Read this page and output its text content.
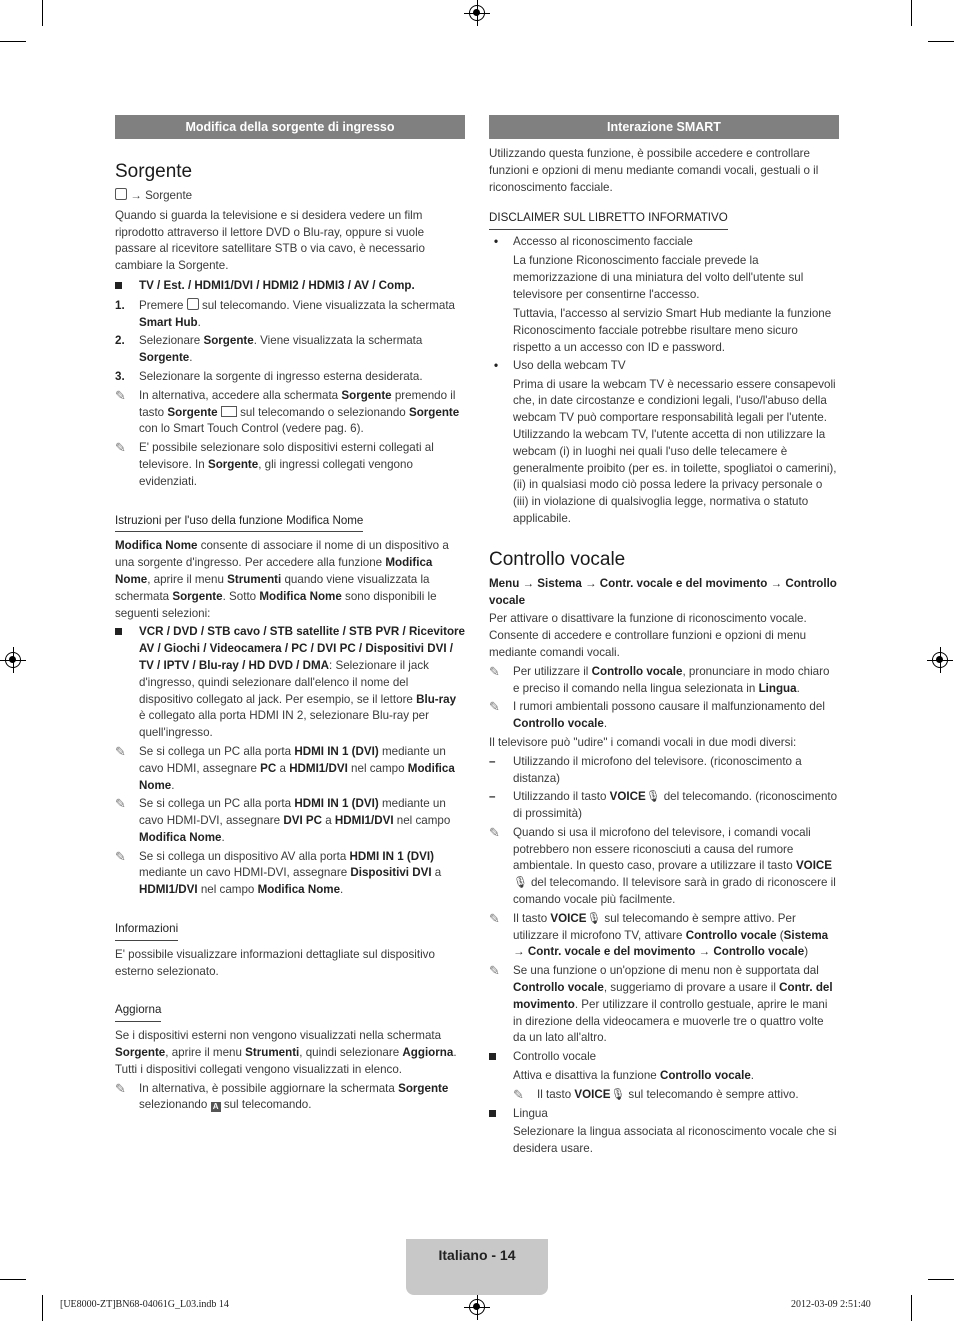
Modifica della sorgente di ingresso
Sorgente

→ Sorgente

Quando si guarda la televisione e si desidera vedere un film riprodotto attraverso il lettore DVD o Blu-ray, oppure si vuole passare al ricevitore satellitare STB o via cavo, è necessario cambiare la Sorgente.

TV / Est. / HDMI1/DVI / HDMI2 / HDMI3 / AV / Comp.
1. Premere sul telecomando. Viene visualizzata la schermata Smart Hub.
2. Selezionare Sorgente. Viene visualizzata la schermata Sorgente.
3. Selezionare la sorgente di ingresso esterna desiderata.
✎ In alternativa, accedere alla schermata Sorgente premendo il tasto Sorgente sul telecomando o selezionando Sorgente con lo Smart Touch Control (vedere pag. 6).
✎ E' possibile selezionare solo dispositivi esterni collegati al televisore. In Sorgente, gli ingressi collegati vengono evidenziati.

Istruzioni per l'uso della funzione Modifica Nome

Modifica Nome consente di associare il nome di un dispositivo a una sorgente d'ingresso. Per accedere alla funzione Modifica Nome, aprire il menu Strumenti quando viene visualizzata la schermata Sorgente. Sotto Modifica Nome sono disponibili le seguenti selezioni:

VCR / DVD / STB cavo / STB satellite / STB PVR / Ricevitore AV / Giochi / Videocamera / PC / DVI PC / Dispositivi DVI / TV / IPTV / Blu-ray / HD DVD / DMA: Selezionare il jack d'ingresso, quindi selezionare dall'elenco il nome del dispositivo collegato al jack. Per esempio, se il lettore Blu-ray è collegato alla porta HDMI IN 2, selezionare Blu-ray per quell'ingresso.
✎ Se si collega un PC alla porta HDMI IN 1 (DVI) mediante un cavo HDMI, assegnare PC a HDMI1/DVI nel campo Modifica Nome.
✎ Se si collega un PC alla porta HDMI IN 1 (DVI) mediante un cavo HDMI-DVI, assegnare DVI PC a HDMI1/DVI nel campo Modifica Nome.
✎ Se si collega un dispositivo AV alla porta HDMI IN 1 (DVI) mediante un cavo HDMI-DVI, assegnare Dispositivi DVI a HDMI1/DVI nel campo Modifica Nome.

Informazioni

E' possibile visualizzare informazioni dettagliate sul dispositivo esterno selezionato.

Aggiorna

Se i dispositivi esterni non vengono visualizzati nella schermata Sorgente, aprire il menu Strumenti, quindi selezionare Aggiorna. Tutti i dispositivi collegati vengono visualizzati in elenco.

✎ In alternativa, è possibile aggiornare la schermata Sorgente selezionando A sul telecomando.
Interazione SMART

Utilizzando questa funzione, è possibile accedere e controllare funzioni e opzioni di menu mediante comandi vocali, gestuali o il riconoscimento facciale.

DISCLAIMER SUL LIBRETTO INFORMATIVO

• Accesso al riconoscimento facciale

La funzione Riconoscimento facciale prevede la memorizzazione di una miniatura del volto dell'utente sul televisore per consentirne l'accesso.

Tuttavia, l'accesso al servizio Smart Hub mediante la funzione Riconoscimento facciale potrebbe risultare meno sicuro rispetto a un accesso con ID e password.

• Uso della webcam TV

Prima di usare la webcam TV è necessario essere consapevoli che, in date circostanze e condizioni legali, l'uso/l'abuso della webcam TV può comportare responsabilità legali per l'utente. Utilizzando la webcam TV, l'utente accetta di non utilizzare la webcam (i) in luoghi nei quali l'uso delle telecamere è generalmente proibito (per es. in toilette, spogliatoi o camerini), (ii) in qualsiasi modo ciò possa ledere la privacy personale o (iii) in violazione di qualsivoglia legge, normativa o statuto applicabile.

Controllo vocale

Menu → Sistema → Contr. vocale e del movimento → Controllo vocale

Per attivare o disattivare la funzione di riconoscimento vocale. Consente di accedere e controllare funzioni e opzioni di menu mediante comandi vocali.

✎ Per utilizzare il Controllo vocale, pronunciare in modo chiaro e preciso il comando nella lingua selezionata in Lingua.
✎ I rumori ambientali possono causare il malfunzionamento del Controllo vocale.

Il televisore può "udire" i comandi vocali in due modi diversi:

– Utilizzando il microfono del televisore. (riconoscimento a distanza)
– Utilizzando il tasto VOICE🎙︎ del telecomando. (riconoscimento di prossimità)
✎ Quando si usa il microfono del televisore, i comandi vocali potrebbero non essere riconosciuti a causa del rumore ambientale. In questo caso, provare a utilizzare il tasto VOICE🎙︎ del telecomando. Il televisore sarà in grado di riconoscere il comando vocale più facilmente.
✎ Il tasto VOICE🎙︎ sul telecomando è sempre attivo. Per utilizzare il microfono TV, attivare Controllo vocale (Sistema → Contr. vocale e del movimento → Controllo vocale)
✎ Se una funzione o un'opzione di menu non è supportata dal Controllo vocale, suggeriamo di provare a usare il Contr. del movimento. Per utilizzare il controllo gestuale, aprire le mani in direzione della videocamera e muoverle tre o quattro volte da un lato all'altro.
Controllo vocale

Attiva e disattiva la funzione Controllo vocale.

✎ Il tasto VOICE🎙︎ sul telecomando è sempre attivo.
Lingua

Selezionare la lingua associata al riconoscimento vocale che si desidera usare.

Italiano - 14
[UE8000-ZT]BN68-04061G_L03.indb 14	2012-03-09 2:51:40
